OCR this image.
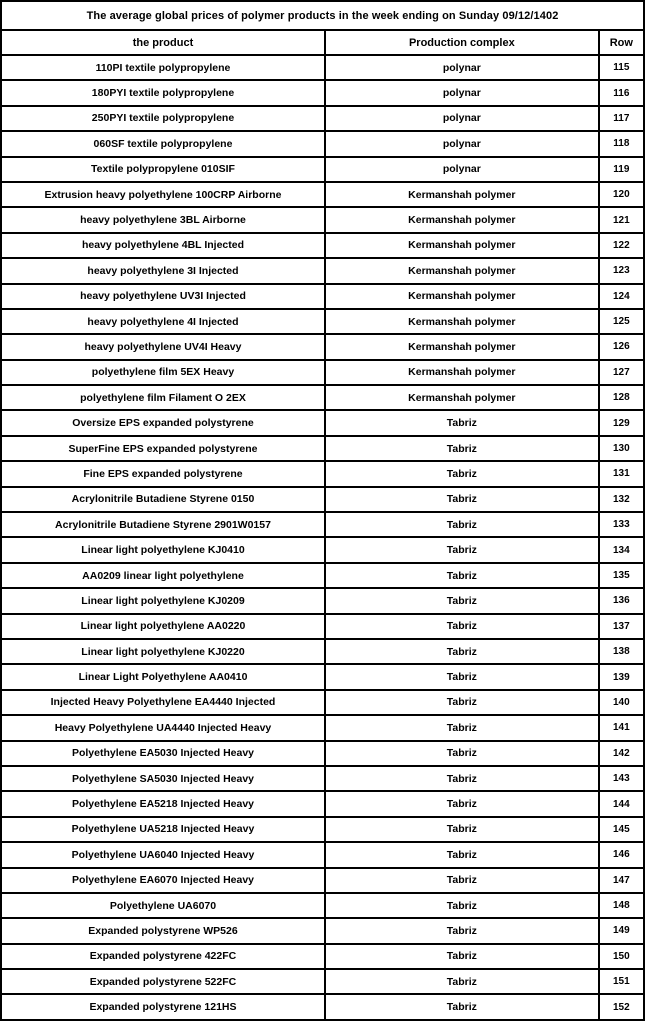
The average global prices of polymer products in the week ending on Sunday 09/12/1402		
the product	Production complex	Row
110PI textile polypropylene	polynar	115
180PYI textile polypropylene	polynar	116
250PYI textile polypropylene	polynar	117
060SF textile polypropylene	polynar	118
Textile polypropylene 010SIF	polynar	119
Extrusion heavy polyethylene 100CRP Airborne	Kermanshah polymer	120
heavy polyethylene 3BL Airborne	Kermanshah polymer	121
heavy polyethylene 4BL Injected	Kermanshah polymer	122
heavy polyethylene 3I Injected	Kermanshah polymer	123
heavy polyethylene UV3I Injected	Kermanshah polymer	124
heavy polyethylene 4I Injected	Kermanshah polymer	125
heavy polyethylene UV4I Heavy	Kermanshah polymer	126
polyethylene film 5EX Heavy	Kermanshah polymer	127
polyethylene film Filament O 2EX	Kermanshah polymer	128
Oversize EPS expanded polystyrene	Tabriz	129
SuperFine EPS expanded polystyrene	Tabriz	130
Fine EPS expanded polystyrene	Tabriz	131
Acrylonitrile Butadiene Styrene 0150	Tabriz	132
Acrylonitrile Butadiene Styrene 2901W0157	Tabriz	133
Linear light polyethylene KJ0410	Tabriz	134
AA0209 linear light polyethylene	Tabriz	135
Linear light polyethylene KJ0209	Tabriz	136
Linear light polyethylene AA0220	Tabriz	137
Linear light polyethylene KJ0220	Tabriz	138
Linear Light Polyethylene AA0410	Tabriz	139
Injected Heavy Polyethylene EA4440 Injected	Tabriz	140
Heavy Polyethylene UA4440 Injected Heavy	Tabriz	141
Polyethylene EA5030 Injected Heavy	Tabriz	142
Polyethylene SA5030 Injected Heavy	Tabriz	143
Polyethylene EA5218 Injected Heavy	Tabriz	144
Polyethylene UA5218 Injected Heavy	Tabriz	145
Polyethylene UA6040 Injected Heavy	Tabriz	146
Polyethylene EA6070 Injected Heavy	Tabriz	147
Polyethylene UA6070	Tabriz	148
Expanded polystyrene WP526	Tabriz	149
Expanded polystyrene 422FC	Tabriz	150
Expanded polystyrene 522FC	Tabriz	151
Expanded polystyrene 121HS	Tabriz	152
